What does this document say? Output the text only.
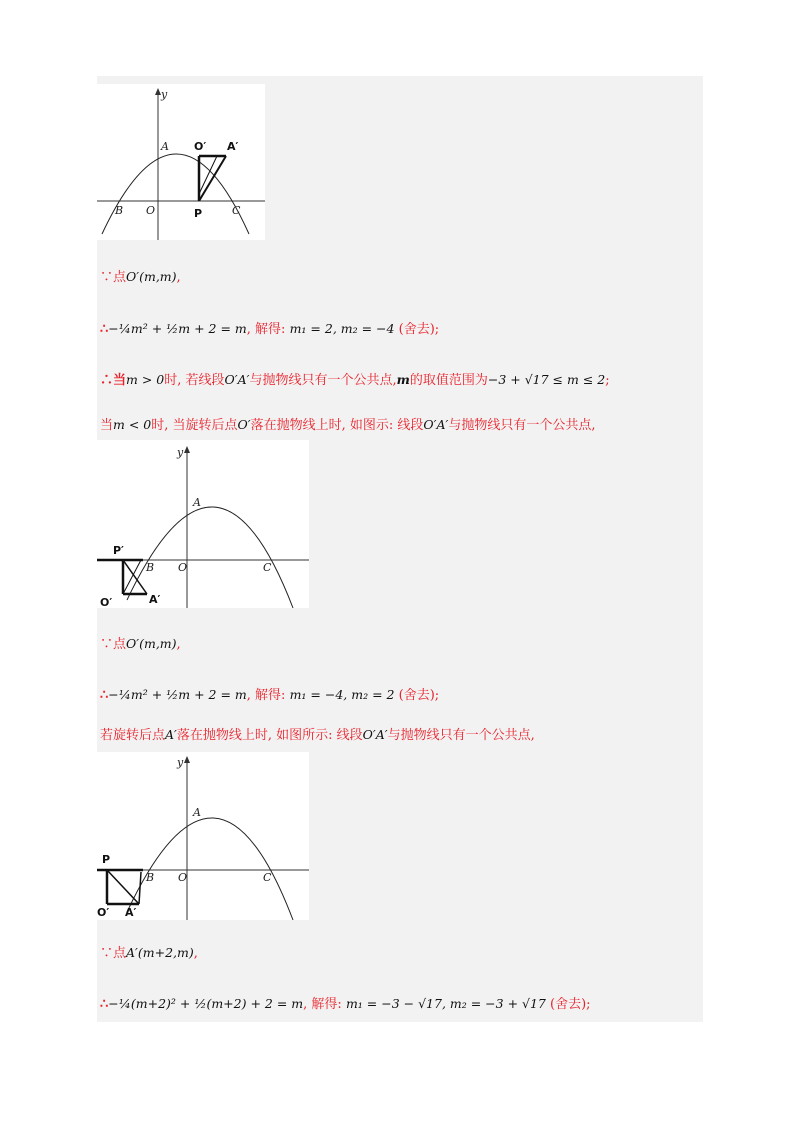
y
A O′ A′
B O	P	C
∵点O′(m,m),
∴−¼m² + ½m + 2 = m, 解得: m₁ = 2, m₂ = −4 (舍去);
∴当m > 0时, 若线段O′A′与抛物线只有一个公共点,m的取值范围为−3 + √17 ≤ m ≤ 2;
当m < 0时, 当旋转后点O′落在抛物线上时, 如图示: 线段O′A′与抛物线只有一个公共点,
y
A
P′
B O	C
O′	A′
∵点O′(m,m),
∴−¼m² + ½m + 2 = m, 解得: m₁ = −4, m₂ = 2 (舍去);
若旋转后点A′落在抛物线上时, 如图所示: 线段O′A′与抛物线只有一个公共点,
y
A
P
B O	C
O′ A′
∵点A′(m+2,m),
∴−¼(m+2)² + ½(m+2) + 2 = m, 解得: m₁ = −3 − √17, m₂ = −3 + √17 (舍去);
